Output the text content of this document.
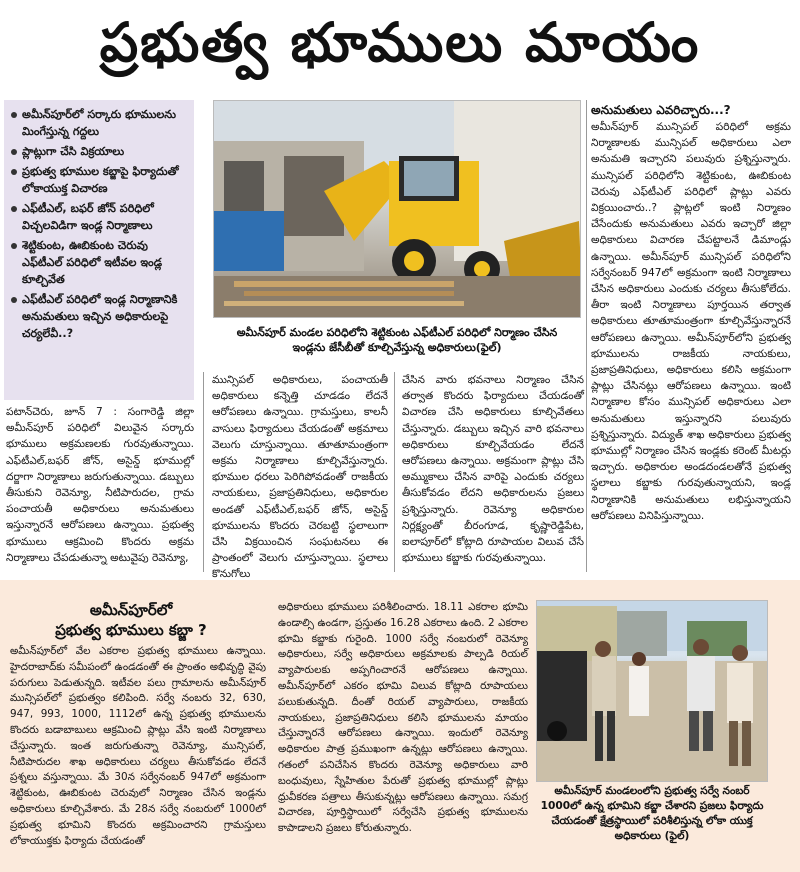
ప్రభుత్వ భూములు మాయం
అమీన్‌పూర్‌లో సర్కారు భూములను మింగేస్తున్న గద్దలు
ప్లాట్లుగా చేసి విక్రయాలు
ప్రభుత్వ భూముల కబ్జాపై ఫిర్యాదుతో లోకాయుక్త విచారణ
ఎఫ్‌టీఎల్, బఫర్ జోన్ పరిధిలో విచ్చలవిడిగా ఇండ్ల నిర్మాణాలు
శెట్టికుంట, ఊబికుంట చెరువు ఎఫ్‌టీఎల్ పరిధిలో ఇటీవల ఇండ్ల కూల్చివేత
ఎఫ్‌టీఎల్ పరిధిలో ఇండ్ల నిర్మాణానికి అనుమతులు ఇచ్చిన అధికారులపై చర్యలేవీ..?	అమీన్‌పూర్ మండల పరిధిలోని శెట్టికుంట ఎఫ్‌టీఎల్ పరిధిలో నిర్మాణం చేసిన ఇండ్లను జేసీబీతో కూల్చివేస్తున్న అధికారులు(ఫైల్)
అనుమతులు ఎవరిచ్చారు...?

అమీన్‌పూర్ మున్సిపల్ పరిధిలో అక్రమ నిర్మాణాలకు మున్సిపల్ అధికారులు ఎలా అనుమతి ఇచ్చారని పలువురు ప్రశ్నిస్తున్నారు. మున్సిపల్ పరిధిలోని శెట్టికుంట, ఊబికుంట చెరువు ఎఫ్‌టీఎల్ పరిధిలో ప్లాట్లు ఎవరు విక్రయించారు..? ప్లాట్లలో ఇంటి నిర్మాణం చేసేందుకు అనుమతులు ఎవరు ఇచ్చారో జిల్లా అధికారులు విచారణ చేపట్టాలనే డిమాండ్లు ఉన్నాయి. అమీన్‌పూర్ మున్సిపల్ పరిధిలోని సర్వేనంబర్ 947లో అక్రమంగా ఇంటి నిర్మాణాలు చేసిన అధికారులు ఎందుకు చర్యలు తీసుకోలేదు. తీరా ఇంటి నిర్మాణాలు పూర్తయిన తర్వాత అధికారులు తూతూమంత్రంగా కూల్చివేస్తున్నారనే ఆరోపణలు ఉన్నాయి. అమీన్‌పూర్‌లోని ప్రభుత్వ భూములను రాజకీయ నాయకులు, ప్రజాప్రతినిధులు, అధికారులు కలిసి అక్రమంగా ప్లాట్లు చేసినట్లు ఆరోపణలు ఉన్నాయి. ఇంటి నిర్మాణాల కోసం మున్సిపల్ అధికారులు ఎలా అనుమతులు ఇస్తున్నారని పలువురు ప్రశ్నిస్తున్నారు. విద్యుత్ శాఖ అధికారులు ప్రభుత్వ భూముల్లో నిర్మాణం చేసిన ఇండ్లకు కరెంట్ మీటర్లు ఇచ్చారు. అధికారుల అండదండలతోనే ప్రభుత్వ స్థలాలు కబ్జాకు గురవుతున్నాయని, ఇండ్ల నిర్మాణానికి అనుమతులు లభిస్తున్నాయని ఆరోపణలు వినిపిస్తున్నాయి.

పటాన్‌చెరు, జూన్ 7 : సంగారెడ్డి జిల్లా అమీన్‌పూర్ పరిధిలో విలువైన సర్కారు భూములు అక్రమణలకు గురవుతున్నాయి. ఎఫ్‌టీఎల్,బఫర్ జోన్, అసైన్డ్ భూముల్లో దర్జాగా నిర్మాణాలు జరుగుతున్నాయి. డబ్బులు తీసుకుని రెవెన్యూ, నీటిపారుదల, గ్రామ పంచాయతీ అధికారులు అనుమతులు ఇస్తున్నారనే ఆరోపణలు ఉన్నాయి. ప్రభుత్వ భూములు ఆక్రమించి కొందరు అక్రమ నిర్మాణాలు చేపడుతున్నా అటువైపు రెవెన్యూ,

మున్సిపల్ అధికారులు, పంచాయతీ అధికారులు కన్నెత్తి చూడడం లేదనే ఆరోపణలు ఉన్నాయి. గ్రామస్తులు, కాలనీ వాసులు ఫిర్యాదులు చేయడంతో అక్రమాలు వెలుగు చూస్తున్నాయి. తూతూమంత్రంగా అక్రమ నిర్మాణాలు కూల్చివేస్తున్నారు. భూముల ధరలు పెరిగిపోవడంతో రాజకీయ నాయకులు, ప్రజాప్రతినిధులు, అధికారుల అండతో ఎఫ్‌టీఎల్,బఫర్ జోన్, అసైన్డ్ భూములను కొందరు చెరబట్టి స్థలాలుగా చేసి విక్రయించిన సంఘటనలు ఈ ప్రాంతంలో వెలుగు చూస్తున్నాయి. స్థలాలు కొనుగోలు

చేసిన వారు భవనాలు నిర్మాణం చేసిన తర్వాత కొందరు ఫిర్యాదులు చేయడంతో విచారణ చేసి అధికారులు కూల్చివేతలు చేస్తున్నారు. డబ్బులు ఇచ్చిన వారి భవనాలు అధికారులు కూల్చివేయడం లేదనే ఆరోపణలు ఉన్నాయి. అక్రమంగా ప్లాట్లు చేసి అమ్ముకాలు చేసిన వారిపై ఎందుకు చర్యలు తీసుకోవడం లేదని అధికారులను ప్రజలు ప్రశ్నిస్తున్నారు. రెవెన్యూ అధికారుల నిర్లక్ష్యంతో బీరంగూడ, కృష్ణారెడ్డిపేట, ఐలాపూర్‌లో కోట్లాది రూపాయల విలువ చేసే భూములు కబ్జాకు గురవుతున్నాయి.

అమీన్‌పూర్‌లో
ప్రభుత్వ భూములు కబ్జా ?

అమీన్‌పూర్‌లో వేల ఎకరాల ప్రభుత్వ భూములు ఉన్నాయి. హైదరాబాద్‌కు సమీపంలో ఉండడంతో ఈ ప్రాంతం అభివృద్ధి వైపు పరుగులు పెడుతున్నది. ఇటీవల పలు గ్రామాలను అమీన్‌పూర్ మున్సిపల్‌లో ప్రభుత్వం కలిపింది. సర్వే నంబరు 32, 630, 947, 993, 1000, 1112లో ఉన్న ప్రభుత్వ భూములను కొందరు బడాబాబులు ఆక్రమించి ప్లాట్లు వేసి ఇంటి నిర్మాణాలు చేస్తున్నారు. ఇంత జరుగుతున్నా రెవెన్యూ, మున్సిపల్, నీటిపారుదల శాఖ అధికారులు చర్యలు తీసుకోవడం లేదనే ప్రశ్నలు వస్తున్నాయి. మే 30న సర్వేనంబర్ 947లో అక్రమంగా శెట్టికుంట, ఊబికుంట చెరువులో నిర్మాణం చేసిన ఇండ్లను అధికారులు కూల్చివేశారు. మే 28న సర్వే నంబరులో 1000లో ప్రభుత్వ భూమిని కొందరు అక్రమించారని గ్రామస్తులు లోకాయుక్తకు ఫిర్యాదు చేయడంతో

అధికారులు భూములు పరిశీలించారు. 18.11 ఎకరాల భూమి ఉండాల్సి ఉండగా, ప్రస్తుతం 16.28 ఎకరాలు ఉంది. 2 ఎకరాల భూమి కబ్జాకు గురైంది. 1000 సర్వే నంబరులో రెవెన్యూ అధికారులు, సర్వే అధికారులు అక్రమాలకు పాల్పడి రియల్ వ్యాపారులకు అప్పగించారనే ఆరోపణలు ఉన్నాయి. అమీన్‌పూర్‌లో ఎకరం భూమి విలువ కోట్లాది రూపాయలు పలుకుతున్నది. దీంతో రియల్ వ్యాపారులు, రాజకీయ నాయకులు, ప్రజాప్రతినిధులు కలిసి భూములను మాయం చేస్తున్నారనే ఆరోపణలు ఉన్నాయి. ఇందులో రెవెన్యూ అధికారుల పాత్ర ప్రముఖంగా ఉన్నట్లు ఆరోపణలు ఉన్నాయి. గతంలో పనిచేసిన కొందరు రెవెన్యూ అధికారులు వారి బంధువులు, స్నేహితుల పేరుతో ప్రభుత్వ భూముల్లో ప్లాట్లు ధ్రువీకరణ పత్రాలు తీసుకున్నట్లు ఆరోపణలు ఉన్నాయి. సమగ్ర విచారణ, పూర్తిస్థాయిలో సర్వేచేసి ప్రభుత్వ భూములను కాపాడాలని ప్రజలు కోరుతున్నారు.

అమీన్‌పూర్ మండలంలోని ప్రభుత్వ సర్వే నంబర్ 1000లో ఉన్న భూమిని కబ్జా చేశారని ప్రజలు ఫిర్యాదు చేయడంతో క్షేత్రస్థాయిలో పరిశీలిస్తున్న లోకా యుక్త అధికారులు (ఫైల్)
